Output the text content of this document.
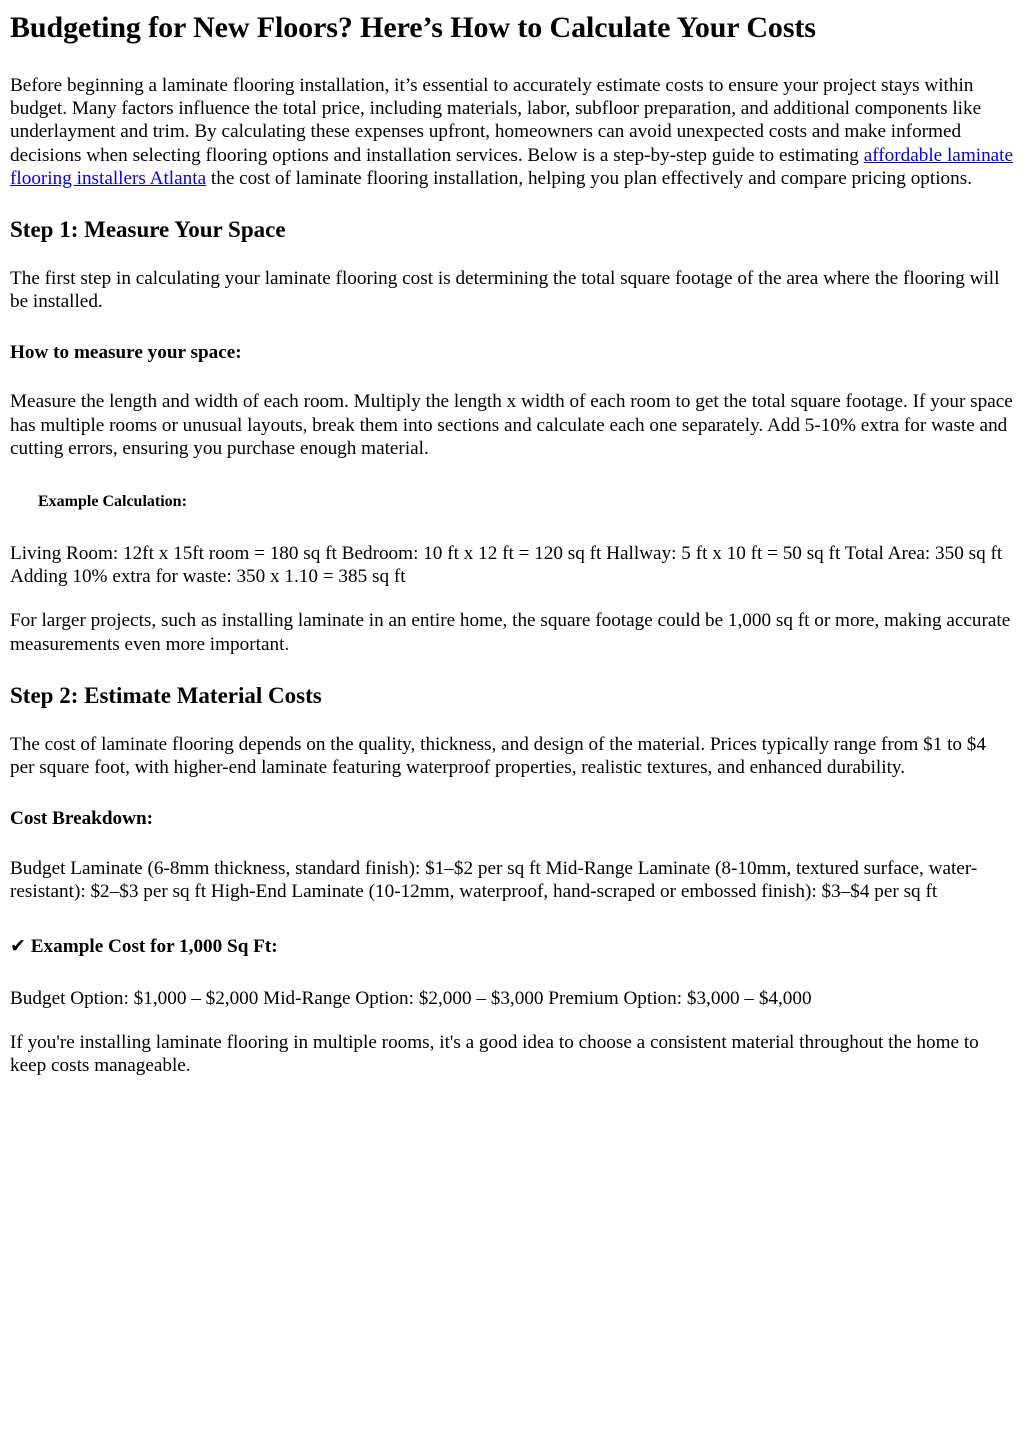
Budgeting for New Floors? Here’s How to Calculate Your Costs

Before beginning a laminate flooring installation, it’s essential to accurately estimate costs to ensure your project stays within budget. Many factors influence the total price, including materials, labor, subfloor preparation, and additional components like underlayment and trim. By calculating these expenses upfront, homeowners can avoid unexpected costs and make informed decisions when selecting flooring options and installation services. Below is a step-by-step guide to estimating affordable laminate flooring installers Atlanta the cost of laminate flooring installation, helping you plan effectively and compare pricing options.

Step 1: Measure Your Space

The first step in calculating your laminate flooring cost is determining the total square footage of the area where the flooring will be installed.

How to measure your space:

Measure the length and width of each room. Multiply the length x width of each room to get the total square footage. If your space has multiple rooms or unusual layouts, break them into sections and calculate each one separately. Add 5-10% extra for waste and cutting errors, ensuring you purchase enough material.

Example Calculation:

Living Room: 12ft x 15ft room = 180 sq ft Bedroom: 10 ft x 12 ft = 120 sq ft Hallway: 5 ft x 10 ft = 50 sq ft Total Area: 350 sq ft Adding 10% extra for waste: 350 x 1.10 = 385 sq ft

For larger projects, such as installing laminate in an entire home, the square footage could be 1,000 sq ft or more, making accurate measurements even more important.

Step 2: Estimate Material Costs

The cost of laminate flooring depends on the quality, thickness, and design of the material. Prices typically range from $1 to $4 per square foot, with higher-end laminate featuring waterproof properties, realistic textures, and enhanced durability.

Cost Breakdown:

Budget Laminate (6-8mm thickness, standard finish): $1–$2 per sq ft Mid-Range Laminate (8-10mm, textured surface, water-resistant): $2–$3 per sq ft High-End Laminate (10-12mm, waterproof, hand-scraped or embossed finish): $3–$4 per sq ft

✔ Example Cost for 1,000 Sq Ft:

Budget Option: $1,000 – $2,000 Mid-Range Option: $2,000 – $3,000 Premium Option: $3,000 – $4,000

If you're installing laminate flooring in multiple rooms, it's a good idea to choose a consistent material throughout the home to keep costs manageable.
